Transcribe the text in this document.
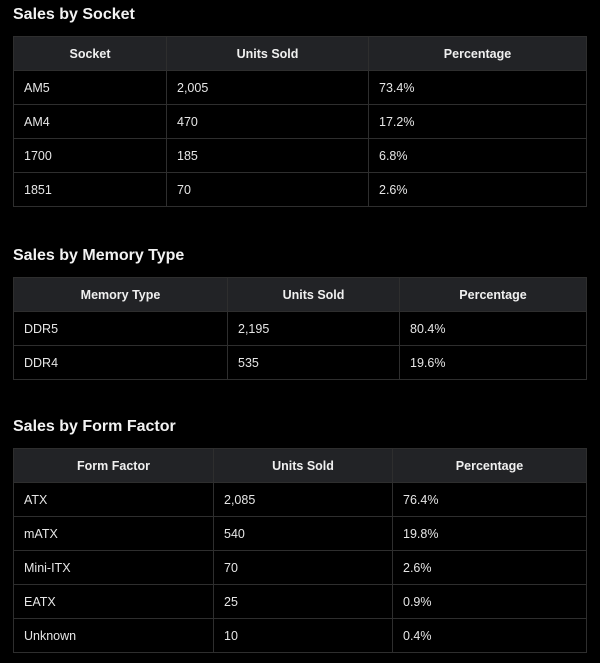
Sales by Socket
Socket	Units Sold	Percentage
AM5	2,005	73.4%
AM4	470	17.2%
1700	185	6.8%
1851	70	2.6%
Sales by Memory Type
Memory Type	Units Sold	Percentage
DDR5	2,195	80.4%
DDR4	535	19.6%
Sales by Form Factor
Form Factor	Units Sold	Percentage
ATX	2,085	76.4%
mATX	540	19.8%
Mini-ITX	70	2.6%
EATX	25	0.9%
Unknown	10	0.4%
